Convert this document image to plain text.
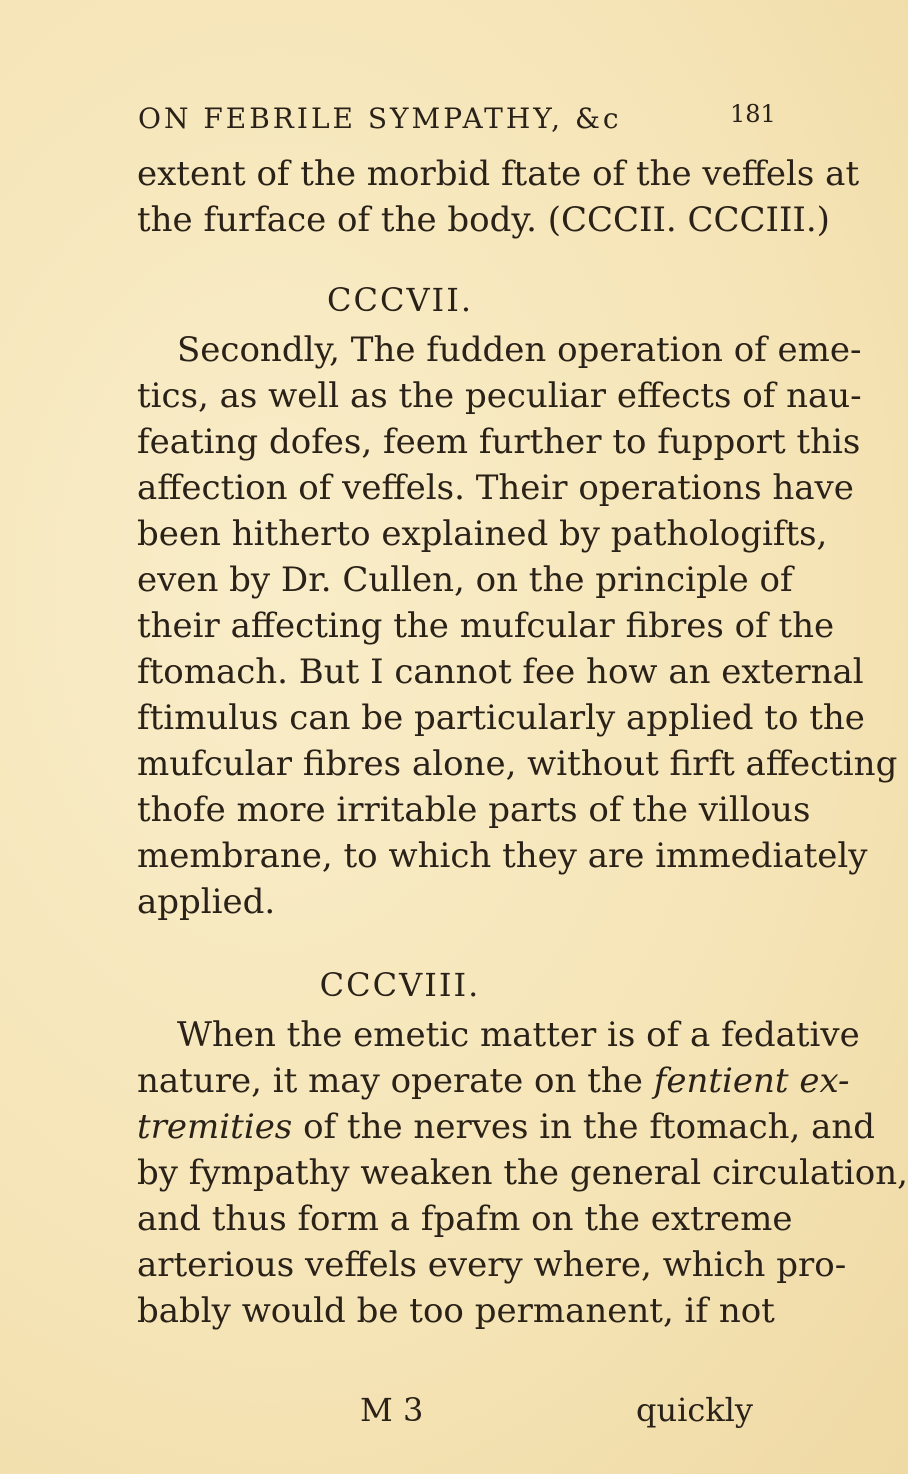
ON FEBRILE SYMPATHY, &c	181
extent of the morbid ftate of the veffels at
the furface of the body. (CCCII. CCCIII.)
CCCVII.
Secondly, The fudden operation of eme-
tics, as well as the peculiar effects of nau-
feating dofes, feem further to fupport this
affection of veffels. Their operations have
been hitherto explained by pathologifts,
even by Dr. Cullen, on the principle of
their affecting the mufcular fibres of the
ftomach. But I cannot fee how an external
ftimulus can be particularly applied to the
mufcular fibres alone, without firft affecting
thofe more irritable parts of the villous
membrane, to which they are immediately
applied.
CCCVIII.
When the emetic matter is of a fedative
nature, it may operate on the fentient ex-
tremities of the nerves in the ftomach, and
by fympathy weaken the general circulation,
and thus form a fpafm on the extreme
arterious veffels every where, which pro-
bably would be too permanent, if not
M 3	quickly
